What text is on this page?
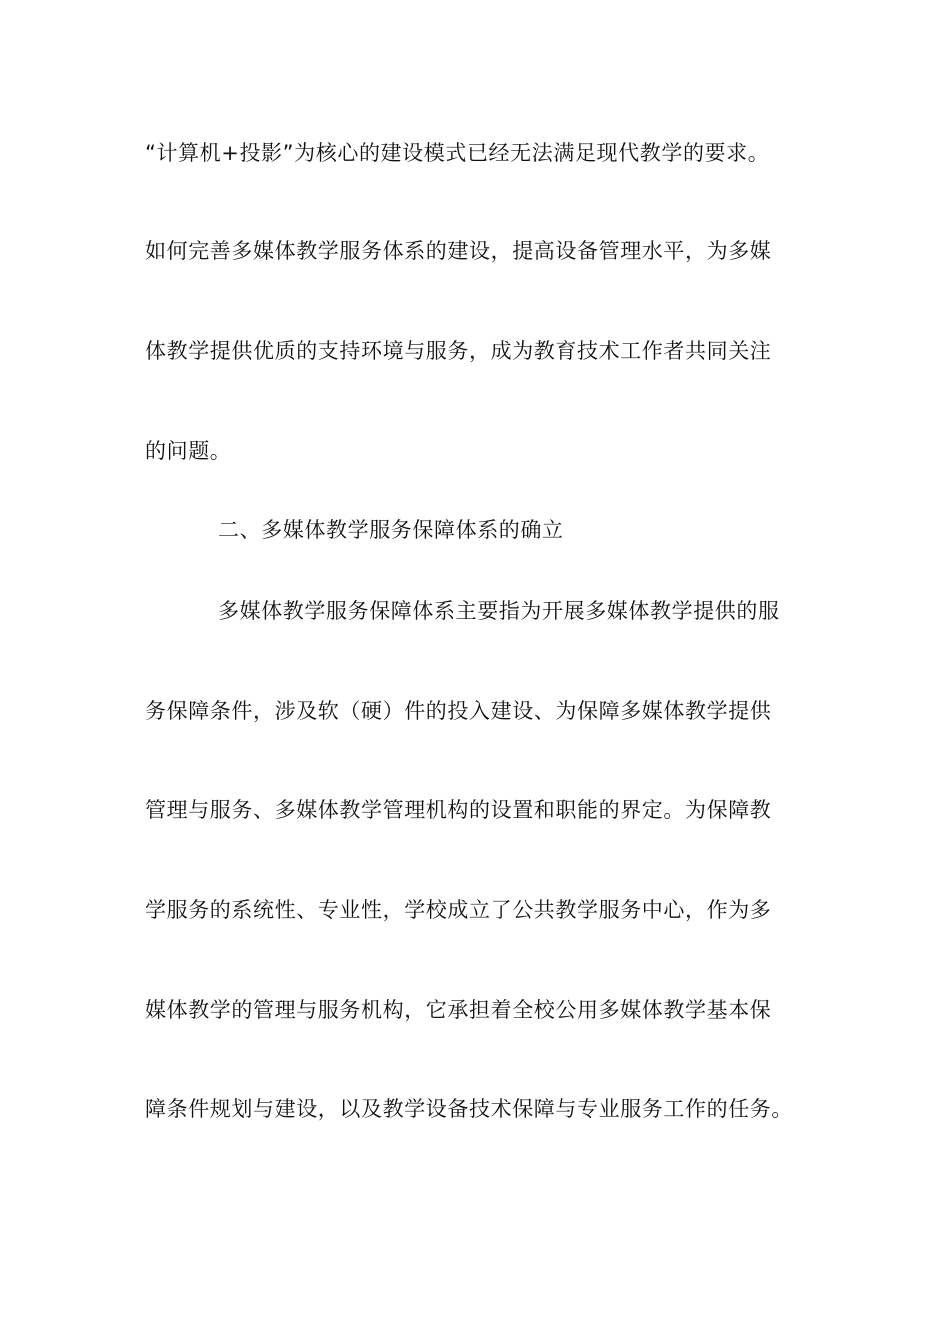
“计算机+投影”为核心的建设模式已经无法满足现代教学的要求。
如何完善多媒体教学服务体系的建设，提高设备管理水平，为多媒
体教学提供优质的支持环境与服务，成为教育技术工作者共同关注
的问题。
二、多媒体教学服务保障体系的确立
多媒体教学服务保障体系主要指为开展多媒体教学提供的服
务保障条件，涉及软（硬）件的投入建设、为保障多媒体教学提供
管理与服务、多媒体教学管理机构的设置和职能的界定。为保障教
学服务的系统性、专业性，学校成立了公共教学服务中心，作为多
媒体教学的管理与服务机构，它承担着全校公用多媒体教学基本保
障条件规划与建设，以及教学设备技术保障与专业服务工作的任务。
